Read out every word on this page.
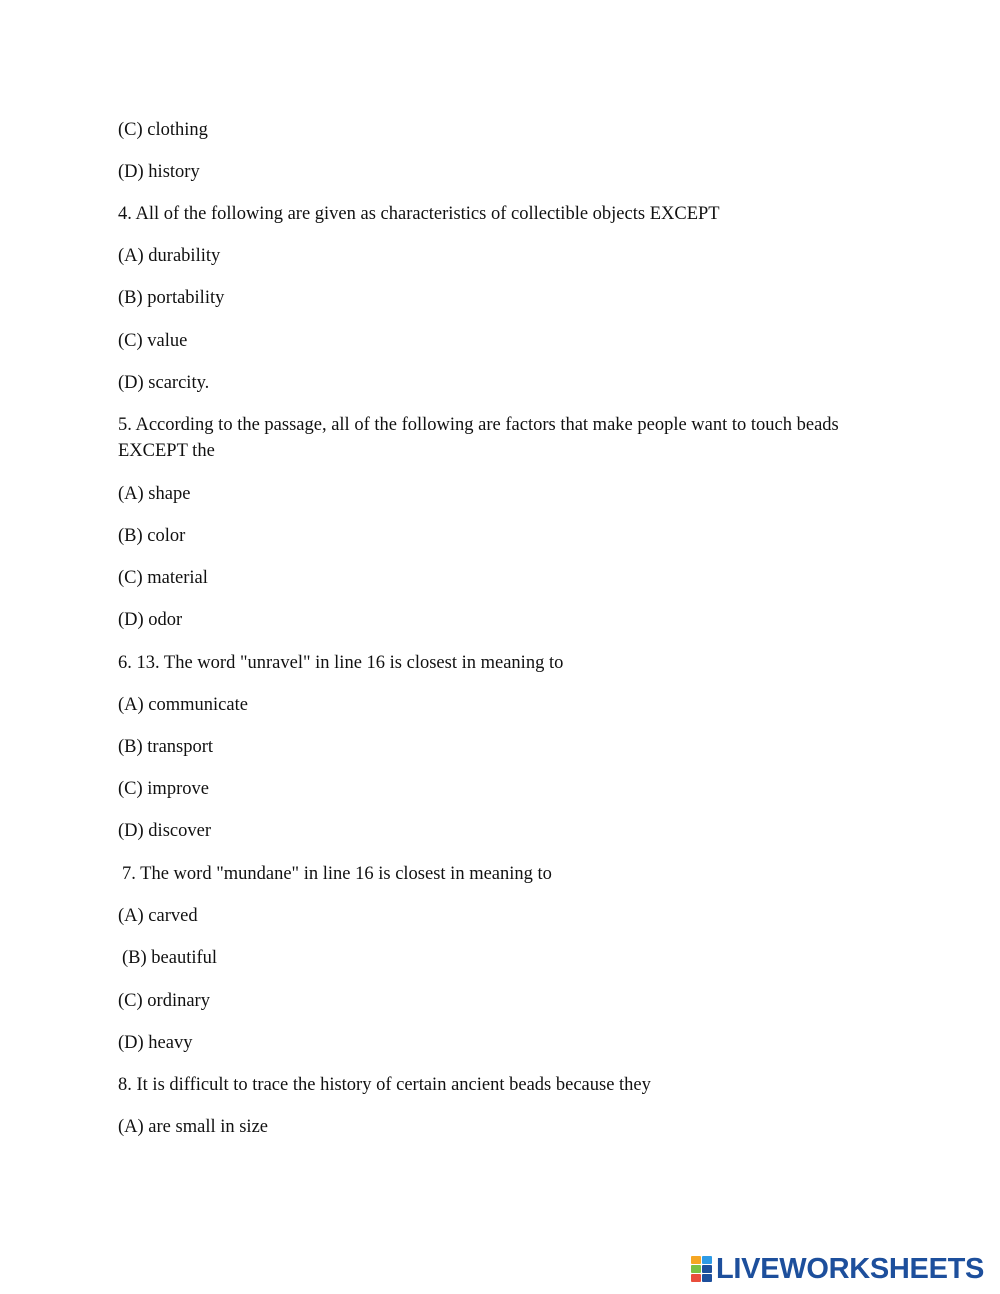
(C) clothing
(D) history
4. All of the following are given as characteristics of collectible objects EXCEPT
(A) durability
(B) portability
(C) value
(D) scarcity.
5. According to the passage, all of the following are factors that make people want to touch beads EXCEPT the
(A) shape
(B) color
(C) material
(D) odor
6. 13. The word "unravel" in line 16 is closest in meaning to
(A) communicate
(B) transport
(C) improve
(D) discover
7. The word "mundane" in line 16 is closest in meaning to
(A) carved
(B) beautiful
(C) ordinary
(D) heavy
8. It is difficult to trace the history of certain ancient beads because they
(A) are small in size
LIVEWORKSHEETS
